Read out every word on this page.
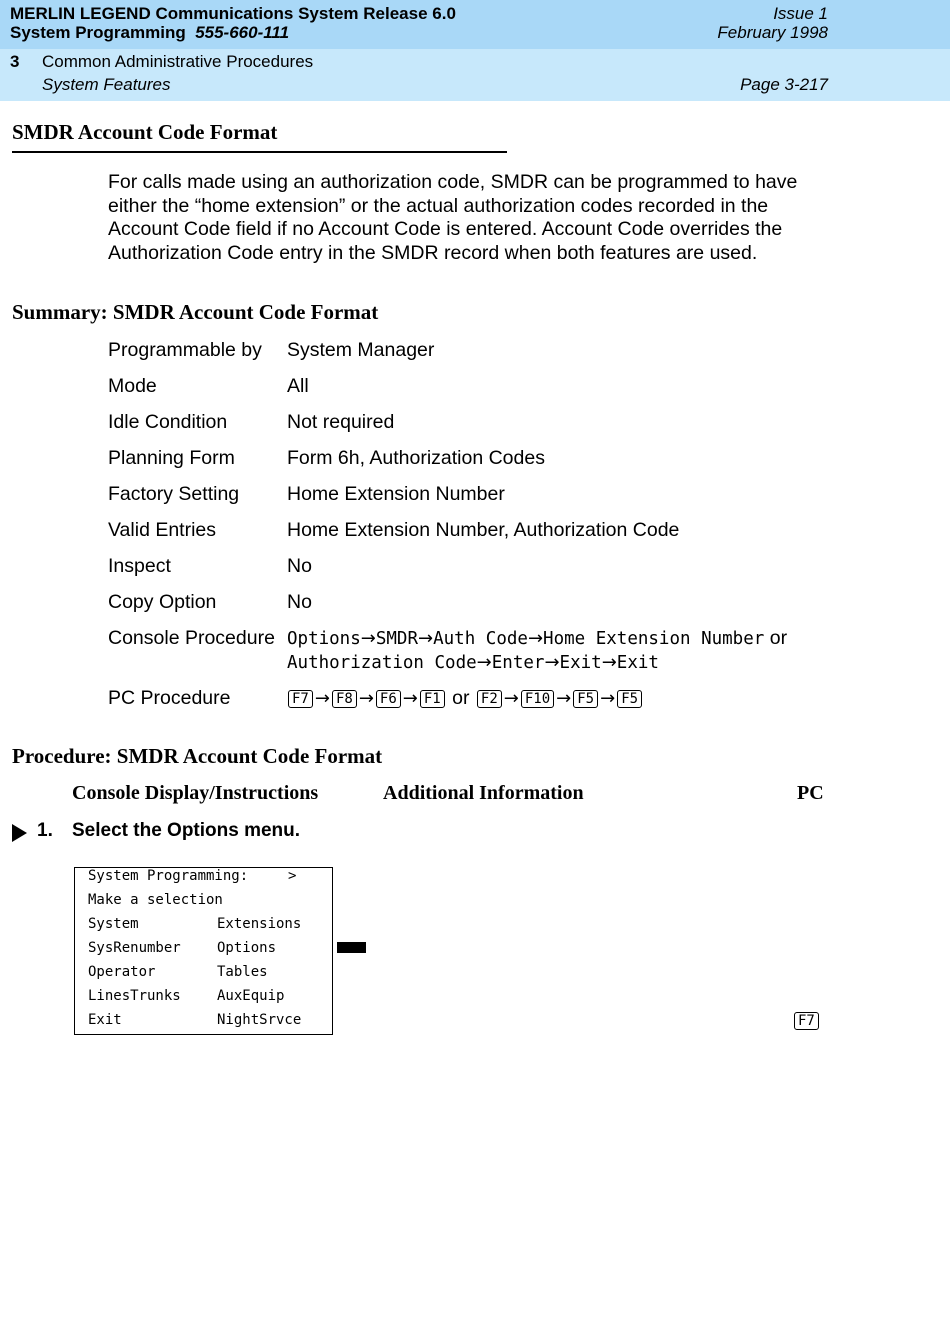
MERLIN LEGEND Communications System Release 6.0
System Programming 555-660-111
Issue 1
February 1998
3 Common Administrative Procedures
System Features	Page 3-217
SMDR Account Code Format
For calls made using an authorization code, SMDR can be programmed to have either the “home extension” or the actual authorization codes recorded in the Account Code field if no Account Code is entered. Account Code overrides the Authorization Code entry in the SMDR record when both features are used.
Summary: SMDR Account Code Format
Programmable by System Manager
Mode	All
Idle Condition	Not required
Planning Form	Form 6h, Authorization Codes
Factory Setting Home Extension Number
Valid Entries	Home Extension Number, Authorization Code
Inspect	No
Copy Option	No
Console Procedure Options→SMDR→Auth Code→Home Extension Number or
Authorization Code→Enter→Exit→Exit
PC Procedure	F7 → F8 → F6 → F1 or F2 → F10 → F5 → F5
Procedure: SMDR Account Code Format
Console Display/Instructions	Additional Information	PC
1. Select the Options menu.
System Programming:	>
Make a selection
System	Extensions
SysRenumber	Options
Operator	Tables
LinesTrunks	AuxEquip
Exit	NightSrvce	F7
